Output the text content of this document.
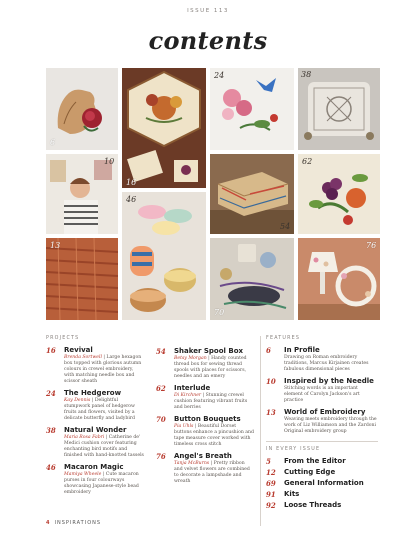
ISSUE 113
contents
6
16
24	38
10
46
54
62
13
70
76
PROJECTS
16 Revival
Brenda Sortwell | Large hexagon box topped with glorious autumn colours in crewel embroidery, with matching needle box and scissor sheath
24 The Hedgerow
Kay Dennis | Delightful stumpwork panel of hedgerow fruits and flowers, visited by a delicate butterfly and ladybird
38 Natural Wonder
Maria Rosa Fabri | Catherine de' Medici cushion cover featuring enchanting bird motifs and finished with hand-knotted tassels
46 Macaron Magic
Mamiya Wheele | Cute macaron purses in four colourways showcasing Japanese-style bead embroidery
54 Shaker Spool Box
Betsy Morgan | Handy counted thread box for sewing thread spools with places for scissors, needles and an emery
62 Interlude
Di Kirchner | Stunning crewel cushion featuring vibrant fruits and berries
70 Button Bouquets
Pia Uhls | Beautiful Dorset buttons enhance a pincushion and tape measure cover worked with timeless cross stitch
76 Angel's Breath
Tanja McBurns | Pretty ribbon and velvet flowers are combined to decorate a lampshade and wreath
FEATURES
6 In Profile
Drawing on Roman embroidery traditions, Marcus Kirjainen creates fabulous dimensional pieces
10 Inspired by the Needle
Stitching words is an important element of Carolyn Jackson's art practice
13 World of Embroidery
Weaving meets embroidery through the work of Liz Williamson and the Zardoni Original embroidery group
IN EVERY ISSUE
5 From the Editor
12 Cutting Edge
69 General Information
91 Kits
92 Loose Threads
4 INSPIRATIONS
